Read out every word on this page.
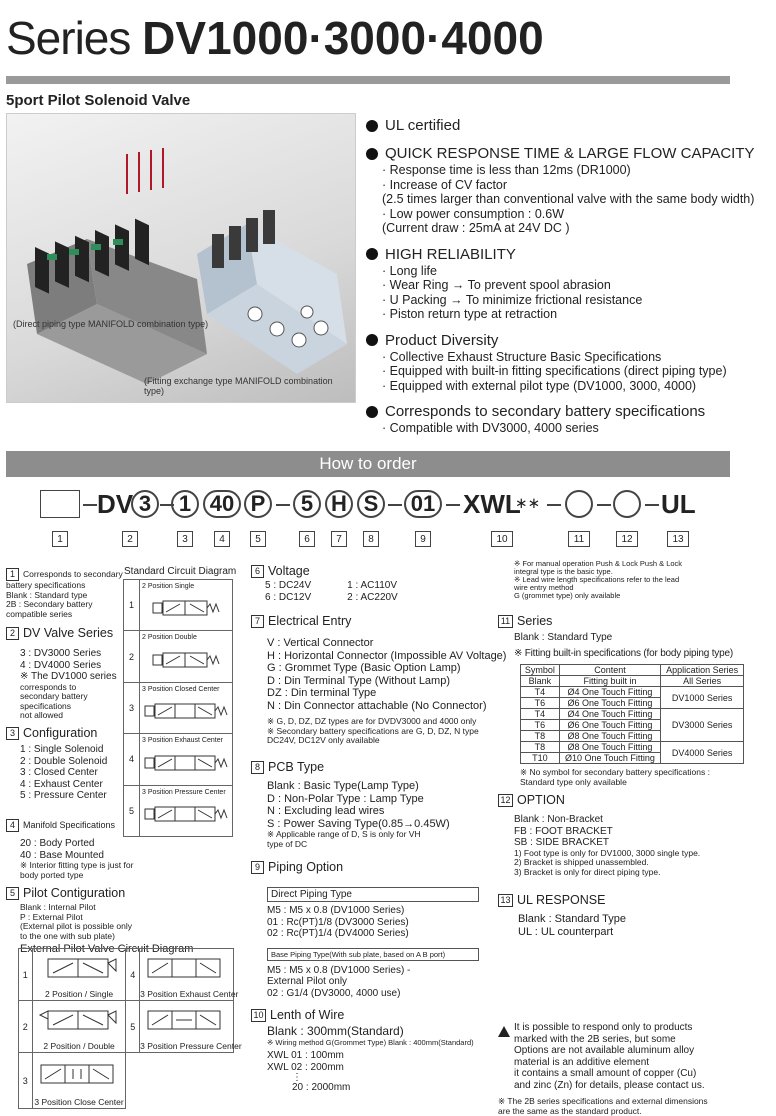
Series DV1000·3000·4000
5port Pilot Solenoid Valve
(Direct piping type MANIFOLD combination type)
(Fitting exchange type MANIFOLD combination type)
UL certified
QUICK RESPONSE TIME & LARGE FLOW CAPACITY
· Response time is less than 12ms (DR1000)
· Increase of CV factor
(2.5 times larger than conventional valve with the same body width)
· Low power consumption : 0.6W
(Current draw : 25mA at 24V DC )
HIGH RELIABILITY
· Long life
· Wear Ring → To prevent spool abrasion
· U Packing → To minimize frictional resistance
· Piston return type at retraction
Product Diversity
· Collective Exhaust Structure Basic Specifications
· Equipped with built-in fitting specifications (direct piping type)
· Equipped with external pilot type (DV1000, 3000, 4000)
Corresponds to secondary battery specifications
· Compatible with DV3000, 4000 series
How to order
DV 3	1 40 P	5 H S	01 XWL
∗∗	UL
1	2	3	4	5	6	7	8	9	10	11	12	13
1 Corresponds to secondary
battery specifications
Blank : Standard type
2B : Secondary battery
compatible series
2 DV Valve Series
3 : DV3000 Series
4 : DV4000 Series
※ The DV1000 series
corresponds to
secondary battery
specifications
not allowed
3 Configuration
1 : Single Solenoid
2 : Double Solenoid
3 : Closed Center
4 : Exhaust Center
5 : Pressure Center
4 Manifold Specifications
20 : Body Ported
40 : Base Mounted
※ Interior fitting type is just for
body ported type
5 Pilot Contiguration
Blank : Internal Pilot
P : External Pilot
(External pilot is possible only
to the one with sub plate)
External Pilot Valve Circuit Diagram
1	2 Position / Single	4	3 Position Exhaust Center

2	2 Position / Double	5	3 Position Pressure Center

3	3 Position Close Center		

Standard Circuit Diagram
1	2 Position Single

2	2 Position Double

3	3 Position Closed Center

4	3 Position Exhaust Center

5	3 Position Pressure Center
6 Voltage
5 : DC24V
6 : DC12V
1 : AC110V
2 : AC220V
7 Electrical Entry
V : Vertical Connector
H : Horizontal Connector (Impossible AV Voltage)
G : Grommet Type (Basic Option Lamp)
D : Din Terminal Type (Without Lamp)
DZ : Din terminal Type
N : Din Connector attachable (No Connector)
※ G, D, DZ, DZ types are for DVDV3000 and 4000 only
※ Secondary battery specifications are G, D, DZ, N type
DC24V, DC12V only available
8 PCB Type
Blank : Basic Type(Lamp Type)
D : Non-Polar Type : Lamp Type
N : Excluding lead wires
S : Power Saving Type(0.85→0.45W)
※ Applicable range of D, S is only for VH
type of DC
9 Piping Option
Direct Piping Type
M5 : M5 x 0.8 (DV1000 Series)
01 : Rc(PT)1/8 (DV3000 Series)
02 : Rc(PT)1/4 (DV4000 Series)
Base Piping Type(With sub plate, based on A B port)
M5 : M5 x 0.8 (DV1000 Series) -
External Pilot only
02 : G1/4 (DV3000, 4000 use)
10 Lenth of Wire
Blank : 300mm(Standard)
※ Wiring method G(Grommet Type) Blank : 400mm(Standard)
XWL 01 : 100mm
XWL 02 : 200mm
⋮
20 : 2000mm
※ For manual operation Push & Lock Push & Lock
integral type is the basic type.
※ Lead wire length specifications refer to the lead
wire entry method
G (grommet type) only available
11 Series
Blank : Standard Type
※ Fitting built-in specifications (for body piping type)
Symbol	Content	Application Series
Blank	Fitting built in	All Series
T4	Ø4 One Touch Fitting	DV1000 Series
T6	Ø6 One Touch Fitting	
T4	Ø4 One Touch Fitting	DV3000 Series
T6	Ø6 One Touch Fitting	
T8	Ø8 One Touch Fitting	
T8	Ø8 One Touch Fitting	DV4000 Series
T10	Ø10 One Touch Fitting	
※ No symbol for secondary battery specifications :
Standard type only available
12 OPTION
Blank : Non-Bracket
FB : FOOT BRACKET
SB : SIDE BRACKET
1) Foot type is only for DV1000, 3000 single type.
2) Bracket is shipped unassembled.
3) Bracket is only for direct piping type.
13 UL RESPONSE
Blank : Standard Type
UL : UL counterpart
It is possible to respond only to products
marked with the 2B series, but some
Options are not available aluminum alloy
material is an additive element
it contains a small amount of copper (Cu)
and zinc (Zn) for details, please contact us.
※ The 2B series specifications and external dimensions
are the same as the standard product.
